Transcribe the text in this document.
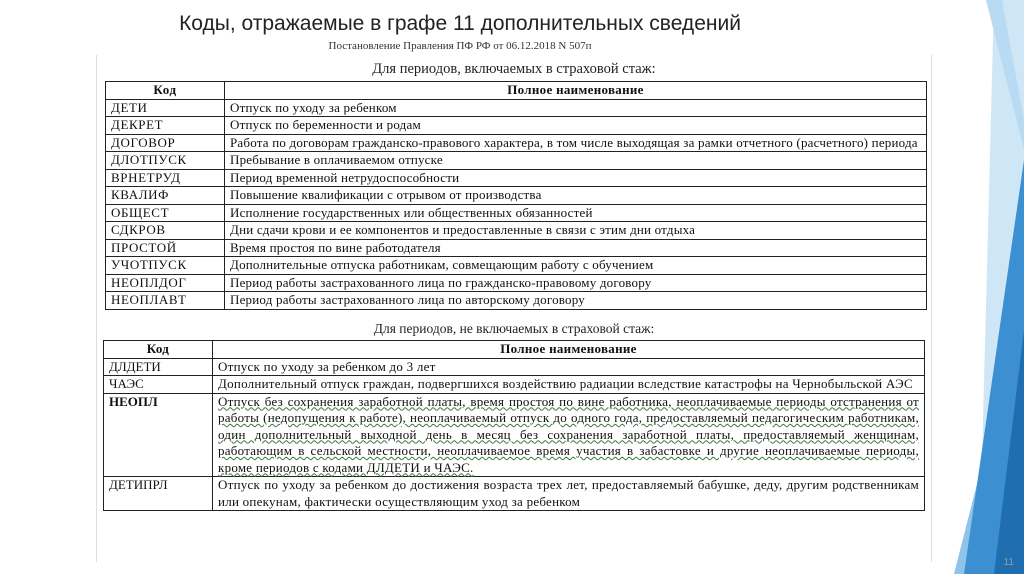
Коды, отражаемые в графе 11 дополнительных сведений
Постановление Правления ПФ РФ от 06.12.2018 N 507п
Для периодов, включаемых в страховой стаж:
Код	Полное наименование
ДЕТИ	Отпуск по уходу за ребенком
ДЕКРЕТ	Отпуск по беременности и родам
ДОГОВОР	Работа по договорам гражданско-правового характера, в том числе выходящая за рамки отчетного (расчетного) периода
ДЛОТПУСК	Пребывание в оплачиваемом отпуске
ВРНЕТРУД	Период временной нетрудоспособности
КВАЛИФ	Повышение квалификации с отрывом от производства
ОБЩЕСТ	Исполнение государственных или общественных обязанностей
СДКРОВ	Дни сдачи крови и ее компонентов и предоставленные в связи с этим дни отдыха
ПРОСТОЙ	Время простоя по вине работодателя
УЧОТПУСК	Дополнительные отпуска работникам, совмещающим работу с обучением
НЕОПЛДОГ	Период работы застрахованного лица по гражданско-правовому договору
НЕОПЛАВТ	Период работы застрахованного лица по авторскому договору
Для периодов, не включаемых в страховой стаж:
Код	Полное наименование
ДЛДЕТИ	Отпуск по уходу за ребенком до 3 лет
ЧАЭС	Дополнительный отпуск граждан, подвергшихся воздействию радиации вследствие катастрофы на Чернобыльской АЭС
НЕОПЛ	Отпуск без сохранения заработной платы, время простоя по вине работника, неоплачиваемые периоды отстранения от работы (недопущения к работе), неоплачиваемый отпуск до одного года, предоставляемый педагогическим работникам, один дополнительный выходной день в месяц без сохранения заработной платы, предоставляемый женщинам, работающим в сельской местности, неоплачиваемое время участия в забастовке и другие неоплачиваемые периоды, кроме периодов с кодами ДЛДЕТИ и ЧАЭС.
ДЕТИПРЛ	Отпуск по уходу за ребенком до достижения возраста трех лет, предоставляемый бабушке, деду, другим родственникам или опекунам, фактически осуществляющим уход за ребенком
11
